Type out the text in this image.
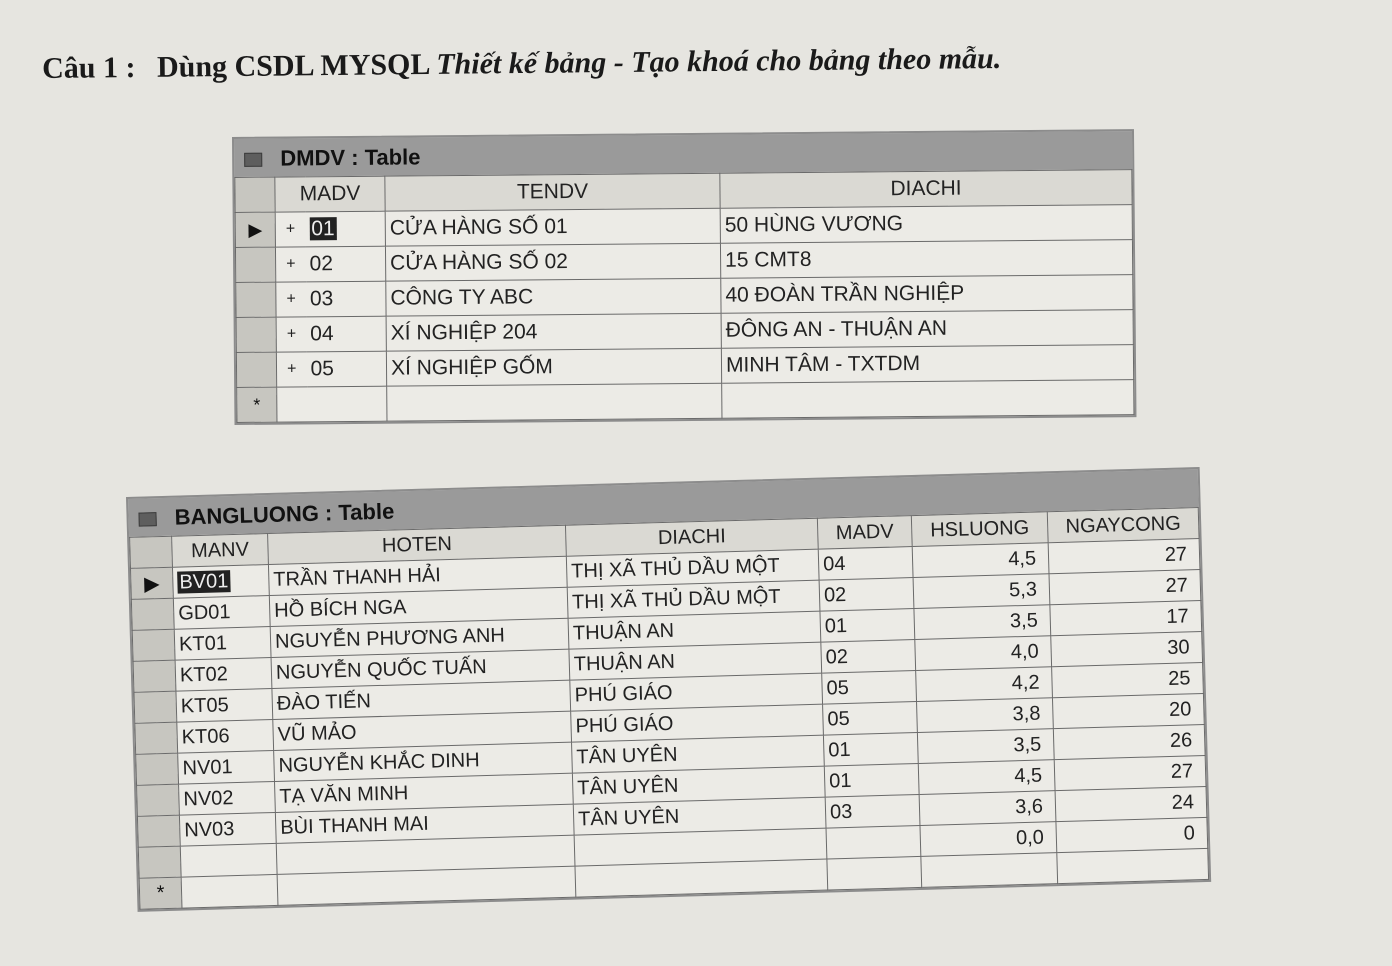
Câu 1 : Dùng CSDL MYSQL Thiết kế bảng - Tạo khoá cho bảng theo mẫu.
DMDV : Table
	MADV		TENDV	DIACHI
▶	+	01	CỬA HÀNG SỐ 01	50 HÙNG VƯƠNG
	+	02	CỬA HÀNG SỐ 02	15 CMT8
	+	03	CÔNG TY ABC	40 ĐOÀN TRẦN NGHIỆP
	+	04	XÍ NGHIỆP 204	ĐÔNG AN - THUẬN AN
	+	05	XÍ NGHIỆP GỐM	MINH TÂM - TXTDM
*				
BANGLUONG : Table
	MANV	HOTEN	DIACHI	MADV	HSLUONG	NGAYCONG
▶	BV01	TRẦN THANH HẢI	THỊ XÃ THỦ DẦU MỘT	04	4,5	27
	GD01	HỒ BÍCH NGA	THỊ XÃ THỦ DẦU MỘT	02	5,3	27
	KT01	NGUYỄN PHƯƠNG ANH	THUẬN AN	01	3,5	17
	KT02	NGUYỄN QUỐC TUẤN	THUẬN AN	02	4,0	30
	KT05	ĐÀO TIẾN	PHÚ GIÁO	05	4,2	25
	KT06	VŨ MẢO	PHÚ GIÁO	05	3,8	20
	NV01	NGUYỄN KHẮC DINH	TÂN UYÊN	01	3,5	26
	NV02	TẠ VĂN MINH	TÂN UYÊN	01	4,5	27
	NV03	BÙI THANH MAI	TÂN UYÊN	03	3,6	24
					0,0	0
*						
